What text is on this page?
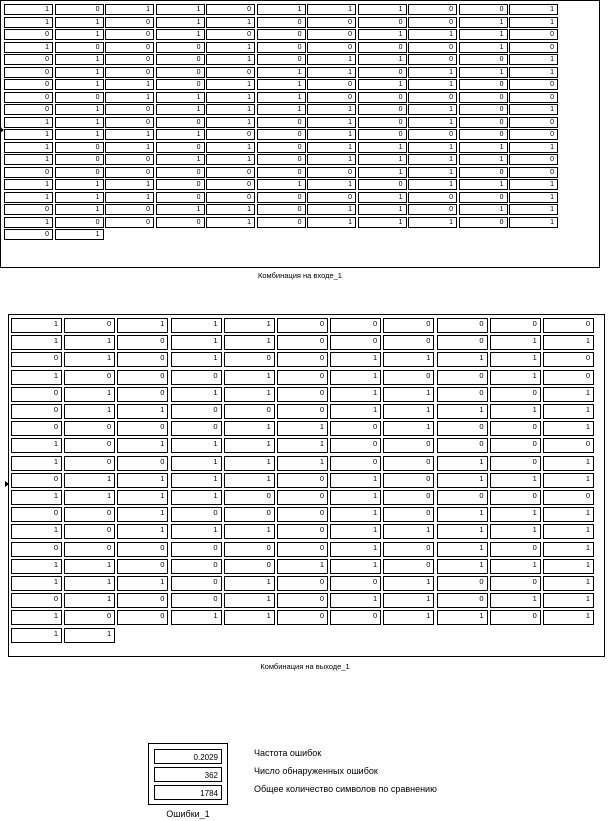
1	0	1	1	0	1	1	1	0	0	1
1	1	0	1	1	0	0	0	0	1	1
0	1	0	1	0	0	0	1	1	1	0
1	0	0	0	1	0	0	0	0	1	0
0	1	0	0	1	0	1	1	0	0	1
0	1	0	0	0	1	1	0	1	1	1
0	1	1	0	1	1	0	1	1	0	0
0	0	1	1	1	1	0	0	0	0	0
0	1	0	1	1	1	1	0	1	0	1
1	1	0	0	1	0	1	0	1	0	0
1	1	1	1	0	0	1	0	0	0	0
1	0	1	0	1	0	1	1	1	1	1
1	0	0	1	1	0	1	1	1	1	0
0	0	0	0	0	0	0	1	1	0	0
1	1	1	0	0	1	1	0	1	1	1
1	1	1	0	0	0	0	1	0	0	1
0	1	0	1	1	0	1	1	0	1	1
1	0	0	0	1	0	1	1	1	0	1
0	1
Комбинация на входе_1
1	0	1	1	1	0	0	0	0	0	0
1	1	0	1	1	0	0	0	0	1	1
0	1	0	1	0	0	1	1	1	1	0
1	0	0	0	1	0	1	0	0	1	0
0	1	0	1	1	0	1	1	0	0	1
0	1	1	0	0	0	1	1	1	1	1
0	0	0	0	1	1	0	1	0	0	1
1	0	1	1	1	1	0	0	0	0	0
1	0	0	1	1	1	0	0	1	0	1
0	1	1	1	1	0	1	0	1	1	1
1	1	1	1	0	0	1	0	0	0	0
0	0	1	0	0	0	1	0	1	1	1
1	0	1	1	1	0	1	1	1	1	1
0	0	0	0	0	0	1	0	1	0	1
1	1	0	0	0	1	1	0	1	1	1
1	1	1	0	1	0	0	1	0	0	1
0	1	0	0	1	0	1	1	0	1	1
1	0	0	1	1	0	0	1	1	0	1
1	1
Комбинация на выходе_1
0.2029
362
1784
Частота ошибок
Число обнаруженных ошибок
Общее количество символов по сравнению
Ошибки_1
